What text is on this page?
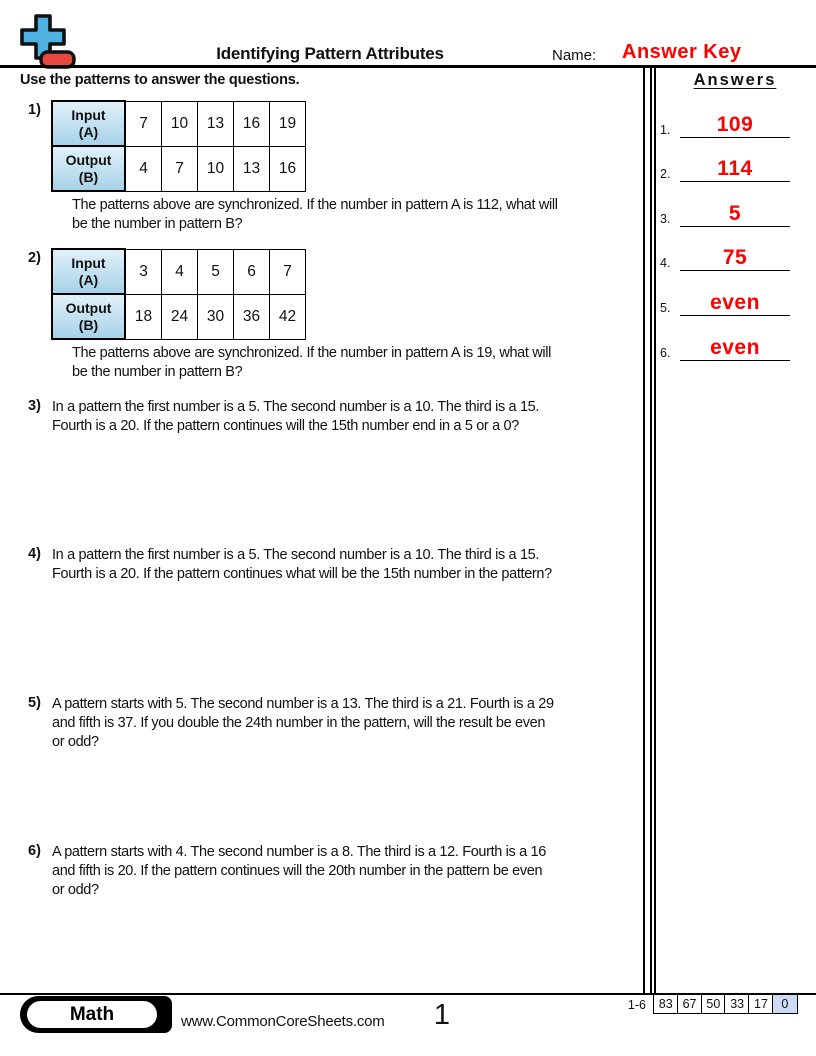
Identifying Pattern Attributes	Name: Answer Key
Use the patterns to answer the questions.	Answers
1. 109
2. 114
3.	5
4. 75
5. even
6. even
1)	Input
(A)	7	10	13	16	19

Output
(B)	4	7	10	13	16
The patterns above are synchronized. If the number in pattern A is 112, what will
be the number in pattern B?
2)	Input
(A)	3	4	5	6	7

Output
(B)	18	24	30	36	42
The patterns above are synchronized. If the number in pattern A is 19, what will
be the number in pattern B?
3) In a pattern the first number is a 5. The second number is a 10. The third is a 15.
Fourth is a 20. If the pattern continues will the 15th number end in a 5 or a 0?
4) In a pattern the first number is a 5. The second number is a 10. The third is a 15.
Fourth is a 20. If the pattern continues what will be the 15th number in the pattern?
5) A pattern starts with 5. The second number is a 13. The third is a 21. Fourth is a 29
and fifth is 37. If you double the 24th number in the pattern, will the result be even
or odd?
6) A pattern starts with 4. The second number is a 8. The third is a 12. Fourth is a 16
and fifth is 20. If the pattern continues will the 20th number in the pattern be even
or odd?
Math	www.CommonCoreSheets.com	1	1-6	83 67 50 33 17	0
